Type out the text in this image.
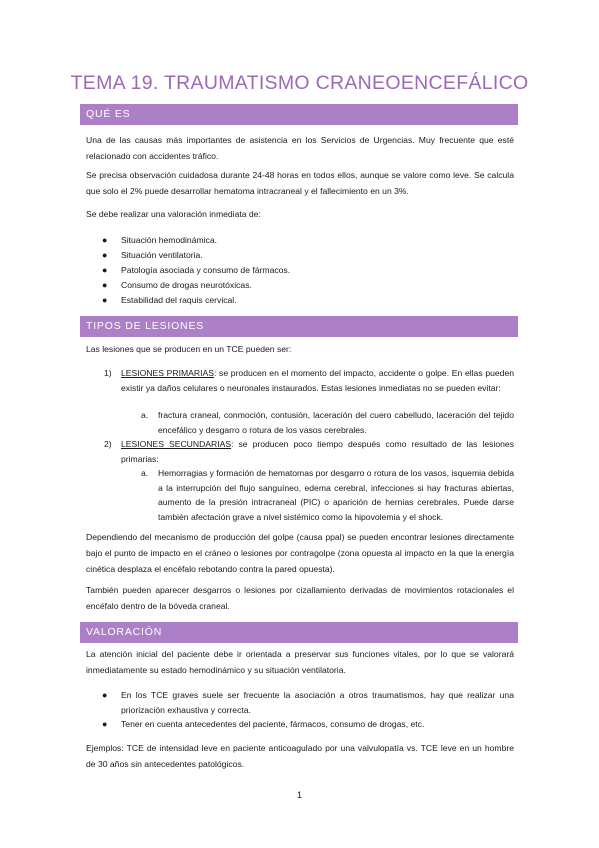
TEMA 19. TRAUMATISMO CRANEOENCEFÁLICO
QUÉ ES

Una de las causas más importantes de asistencia en los Servicios de Urgencias. Muy frecuente que esté relacionado con accidentes tráfico.

Se precisa observación cuidadosa durante 24-48 horas en todos ellos, aunque se valore como leve. Se calcula que solo el 2% puede desarrollar hematoma intracraneal y el fallecimiento en un 3%.

Se debe realizar una valoración inmediata de:

● Situación hemodinámica.
● Situación ventilatoria.
● Patología asociada y consumo de fármacos.
● Consumo de drogas neurotóxicas.
● Estabilidad del raquis cervical.
TIPOS DE LESIONES

Las lesiones que se producen en un TCE pueden ser:

1) LESIONES PRIMARIAS: se producen en el momento del impacto, accidente o golpe. En ellas pueden existir ya daños celulares o neuronales instaurados. Estas lesiones inmediatas no se pueden evitar:
a. fractura craneal, conmoción, contusión, laceración del cuero cabelludo, laceración del tejido encefálico y desgarro o rotura de los vasos cerebrales.
2) LESIONES SECUNDARIAS: se producen poco tiempo después como resultado de las lesiones primarias:
a. Hemorragias y formación de hematomas por desgarro o rotura de los vasos, isquemia debida a la interrupción del flujo sanguíneo, edema cerebral, infecciones si hay fracturas abiertas, aumento de la presión intracraneal (PIC) o aparición de hernias cerebrales. Puede darse también afectación grave a nivel sistémico como la hipovolemia y el shock.

Dependiendo del mecanismo de producción del golpe (causa ppal) se pueden encontrar lesiones directamente bajo el punto de impacto en el cráneo o lesiones por contragolpe (zona opuesta al impacto en la que la energía cinética desplaza el encéfalo rebotando contra la pared opuesta).

También pueden aparecer desgarros o lesiones por cizallamiento derivadas de movimientos rotacionales el encéfalo dentro de la bóveda craneal.

VALORACIÓN

La atención inicial del paciente debe ir orientada a preservar sus funciones vitales, por lo que se valorará inmediatamente su estado hemodinámico y su situación ventilatoria.

● En los TCE graves suele ser frecuente la asociación a otros traumatismos, hay que realizar una priorización exhaustiva y correcta.
● Tener en cuenta antecedentes del paciente, fármacos, consumo de drogas, etc.

Ejemplos: TCE de intensidad leve en paciente anticoagulado por una valvulopatía vs. TCE leve en un hombre de 30 años sin antecedentes patológicos.

1
